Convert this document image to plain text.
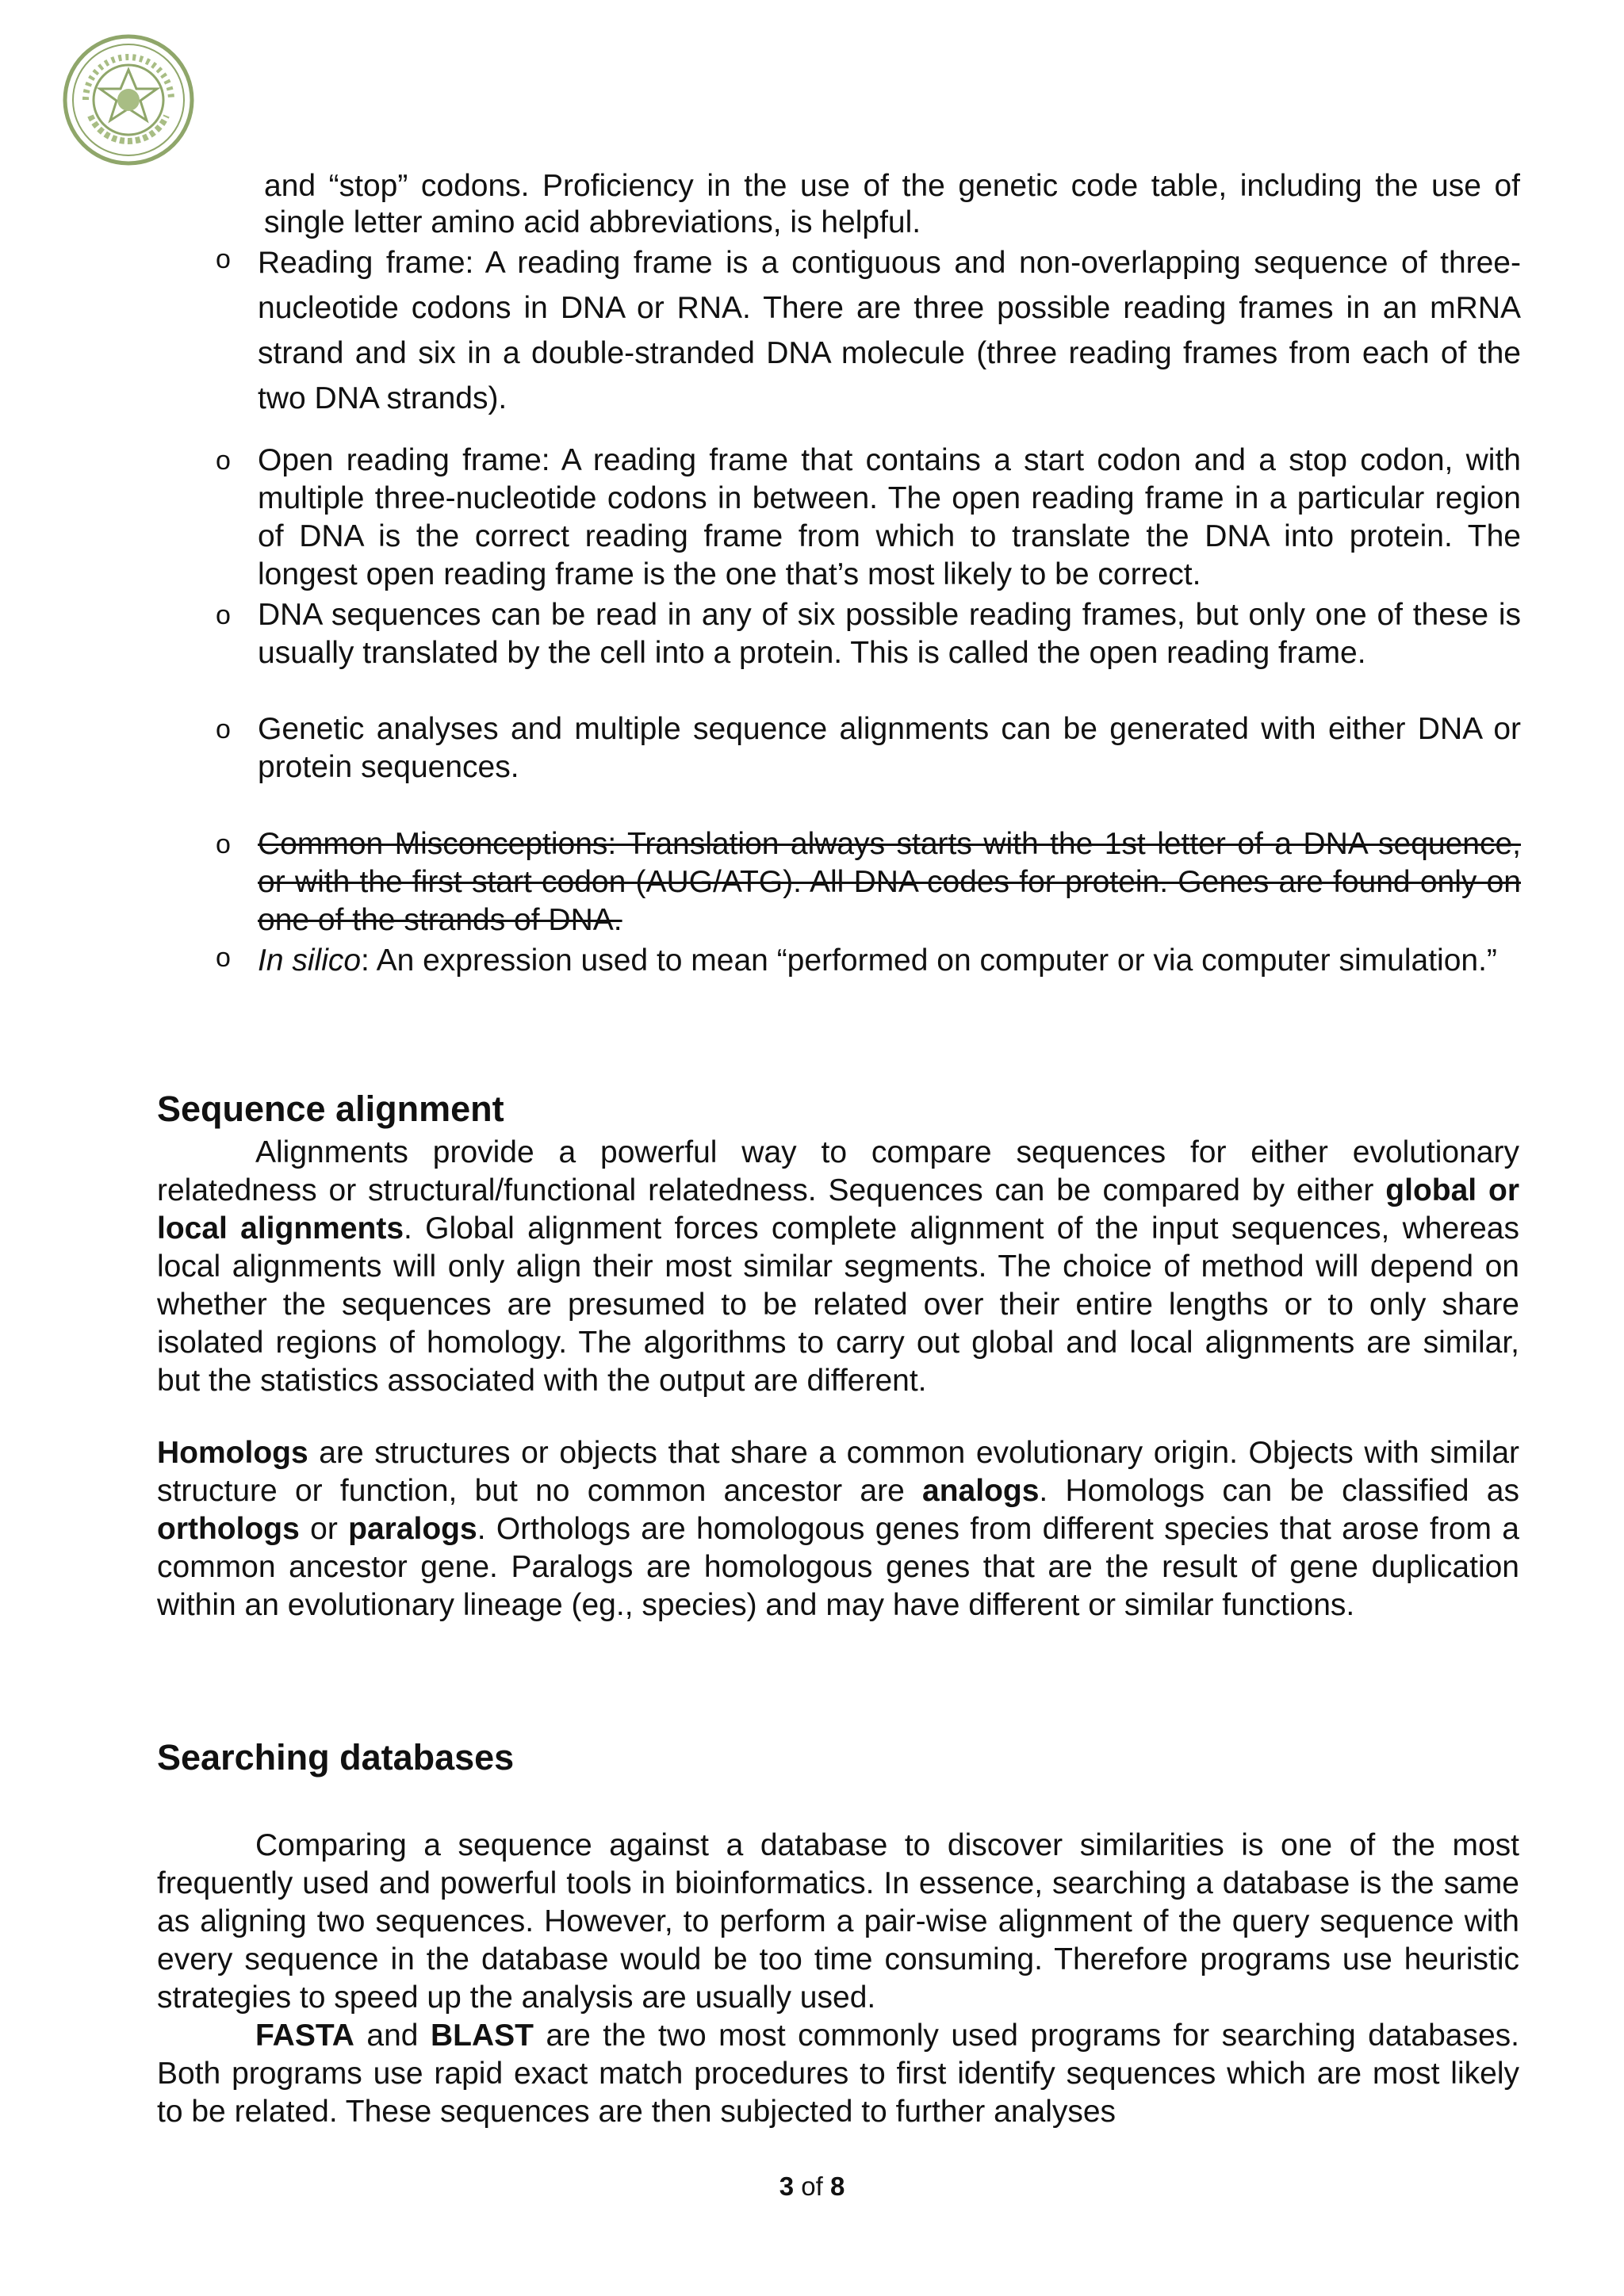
and “stop” codons. Proficiency in the use of the genetic code table, including the use of single letter amino acid abbreviations, is helpful.
o Reading frame: A reading frame is a contiguous and non-overlapping sequence of three-nucleotide codons in DNA or RNA. There are three possible reading frames in an mRNA strand and six in a double-stranded DNA molecule (three reading frames from each of the two DNA strands).
o Open reading frame: A reading frame that contains a start codon and a stop codon, with multiple three-nucleotide codons in between. The open reading frame in a particular region of DNA is the correct reading frame from which to translate the DNA into protein. The longest open reading frame is the one that’s most likely to be correct.
o DNA sequences can be read in any of six possible reading frames, but only one of these is usually translated by the cell into a protein. This is called the open reading frame.
o Genetic analyses and multiple sequence alignments can be generated with either DNA or protein sequences.
o Common Misconceptions: Translation always starts with the 1st letter of a DNA sequence, or with the first start codon (AUG/ATG). All DNA codes for protein. Genes are found only on one of the strands of DNA.
o In silico: An expression used to mean “performed on computer or via computer simulation.”
Sequence alignment

Alignments provide a powerful way to compare sequences for either evolutionary relatedness or structural/functional relatedness. Sequences can be compared by either global or local alignments. Global alignment forces complete alignment of the input sequences, whereas local alignments will only align their most similar segments. The choice of method will depend on whether the sequences are presumed to be related over their entire lengths or to only share isolated regions of homology. The algorithms to carry out global and local alignments are similar, but the statistics associated with the output are different.

Homologs are structures or objects that share a common evolutionary origin. Objects with similar structure or function, but no common ancestor are analogs. Homologs can be classified as orthologs or paralogs. Orthologs are homologous genes from different species that arose from a common ancestor gene. Paralogs are homologous genes that are the result of gene duplication within an evolutionary lineage (eg., species) and may have different or similar functions.

Searching databases

Comparing a sequence against a database to discover similarities is one of the most frequently used and powerful tools in bioinformatics. In essence, searching a database is the same as aligning two sequences. However, to perform a pair-wise alignment of the query sequence with every sequence in the database would be too time consuming. Therefore programs use heuristic strategies to speed up the analysis are usually used.

FASTA and BLAST are the two most commonly used programs for searching databases. Both programs use rapid exact match procedures to first identify sequences which are most likely to be related. These sequences are then subjected to further analyses

3 of 8
